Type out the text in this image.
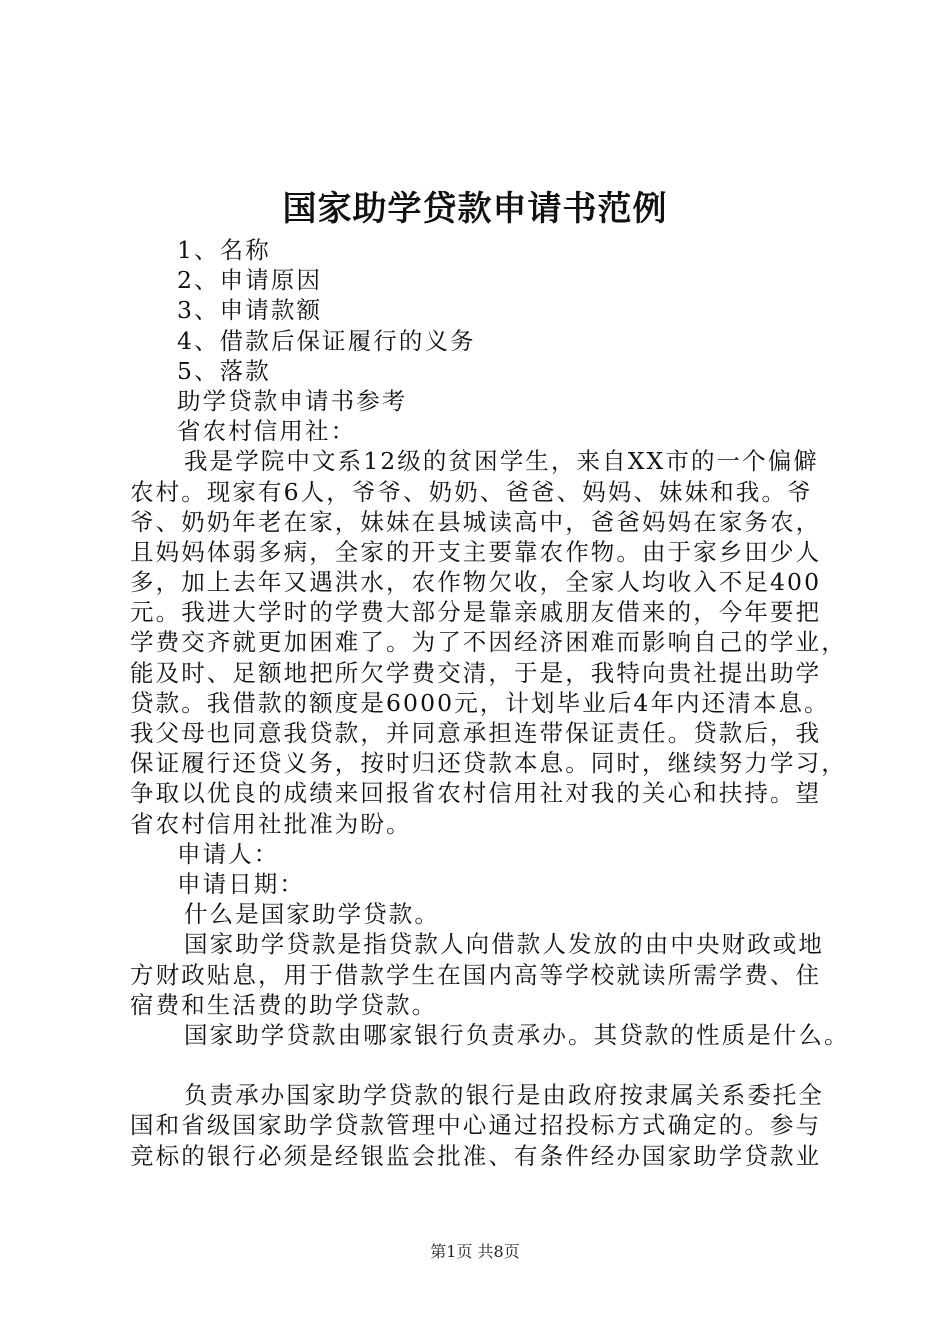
国家助学贷款申请书范例
1、名称
2、申请原因
3、申请款额
4、借款后保证履行的义务
5、落款
助学贷款申请书参考
省农村信用社：
我是学院中文系12级的贫困学生，来自XX市的一个偏僻
农村。现家有6人，爷爷、奶奶、爸爸、妈妈、妹妹和我。爷
爷、奶奶年老在家，妹妹在县城读高中，爸爸妈妈在家务农，
且妈妈体弱多病，全家的开支主要靠农作物。由于家乡田少人
多，加上去年又遇洪水，农作物欠收，全家人均收入不足400
元。我进大学时的学费大部分是靠亲戚朋友借来的，今年要把
学费交齐就更加困难了。为了不因经济困难而影响自己的学业，
能及时、足额地把所欠学费交清，于是，我特向贵社提出助学
贷款。我借款的额度是6000元，计划毕业后4年内还清本息。
我父母也同意我贷款，并同意承担连带保证责任。贷款后，我
保证履行还贷义务，按时归还贷款本息。同时，继续努力学习，
争取以优良的成绩来回报省农村信用社对我的关心和扶持。望
省农村信用社批准为盼。
申请人：
申请日期：
什么是国家助学贷款。
国家助学贷款是指贷款人向借款人发放的由中央财政或地
方财政贴息，用于借款学生在国内高等学校就读所需学费、住
宿费和生活费的助学贷款。
国家助学贷款由哪家银行负责承办。其贷款的性质是什么。
负责承办国家助学贷款的银行是由政府按隶属关系委托全
国和省级国家助学贷款管理中心通过招投标方式确定的。参与
竞标的银行必须是经银监会批准、有条件经办国家助学贷款业
第1页 共8页
